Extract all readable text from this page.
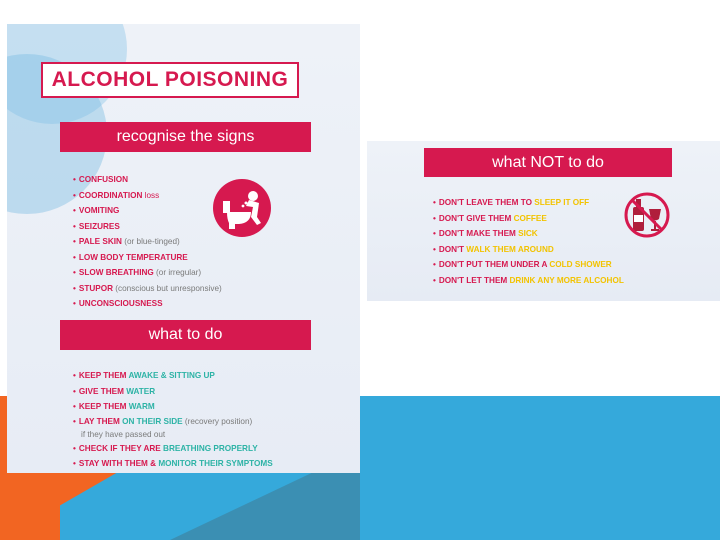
ALCOHOL POISONING
recognise the signs
• CONFUSION
• COORDINATION loss
• VOMITING
• SEIZURES
• PALE SKIN (or blue-tinged)
• LOW BODY TEMPERATURE
• SLOW BREATHING (or irregular)
• STUPOR (conscious but unresponsive)
• UNCONSCIOUSNESS
what to do
• KEEP THEM AWAKE & SITTING UP
• GIVE THEM WATER
• KEEP THEM WARM
• LAY THEM ON THEIR SIDE (recovery position)
if they have passed out
• CHECK IF THEY ARE BREATHING PROPERLY
• STAY WITH THEM & MONITOR THEIR SYMPTOMS
what NOT to do
• DON'T LEAVE THEM TO SLEEP IT OFF
• DON'T GIVE THEM COFFEE
• DON'T MAKE THEM SICK
• DON'T WALK THEM AROUND
• DON'T PUT THEM UNDER A COLD SHOWER
• DON'T LET THEM DRINK ANY MORE ALCOHOL
